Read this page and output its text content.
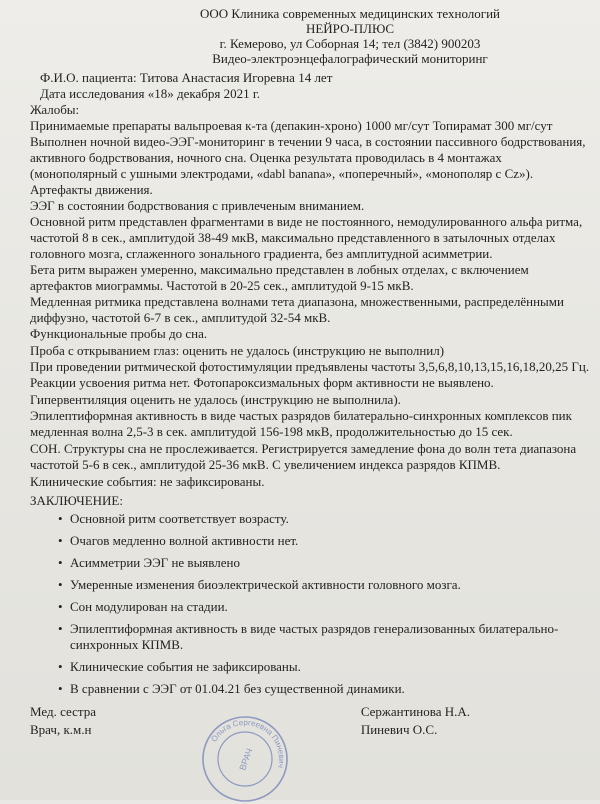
ООО Клиника современных медицинских технологий
НЕЙРО-ПЛЮС
г. Кемерово, ул Соборная 14; тел (3842) 900203
Видео-электроэнцефалографический мониторинг
Ф.И.О. пациента: Титова Анастасия Игоревна 14 лет
Дата исследования «18» декабря 2021 г.
Жалобы:
Принимаемые препараты вальпроевая к-та (депакин-хроно) 1000 мг/сут Топирамат 300 мг/сут

Выполнен ночной видео-ЭЭГ-мониторинг в течении 9 часа, в состоянии пассивного бодрствования, активного бодрствования, ночного сна. Оценка результата проводилась в 4 монтажах (монополярный с ушными электродами, «dabl banana», «поперечный», «монополяр с Cz»). Артефакты движения.

ЭЭГ в состоянии бодрствования с привлеченым вниманием.

Основной ритм представлен фрагментами в виде не постоянного, немодулированного альфа ритма, частотой 8 в сек., амплитудой 38-49 мкВ, максимально представленного в затылочных отделах головного мозга, сглаженного зонального градиента, без амплитудной асимметрии.

Бета ритм выражен умеренно, максимально представлен в лобных отделах, с включением артефактов миограммы. Частотой в 20-25 сек., амплитудой 9-15 мкВ.

Медленная ритмика представлена волнами тета диапазона, множественными, распределёнными диффузно, частотой 6-7 в сек., амплитудой 32-54 мкВ.

Функциональные пробы до сна.

Проба с открыванием глаз: оценить не удалось (инструкцию не выполнил)

При проведении ритмической фотостимуляции предъявлены частоты 3,5,6,8,10,13,15,16,18,20,25 Гц. Реакции усвоения ритма нет. Фотопароксизмальных форм активности не выявлено.

Гипервентиляция оценить не удалось (инструкцию не выполнила).

Эпилептиформная активность в виде частых разрядов билатерально-синхронных комплексов пик медленная волна 2,5-3 в сек. амплитудой 156-198 мкВ, продолжительностью до 15 сек.

СОН. Структуры сна не прослеживается. Регистрируется замедление фона до волн тета диапазона частотой 5-6 в сек., амплитудой 25-36 мкВ. С увеличением индекса разрядов КПМВ.

Клинические события: не зафиксированы.

ЗАКЛЮЧЕНИЕ:
• Основной ритм соответствует возрасту.
• Очагов медленно волной активности нет.
• Асимметрии ЭЭГ не выявлено
• Умеренные изменения биоэлектрической активности головного мозга.
• Сон модулирован на стадии.
• Эпилептиформная активность в виде частых разрядов генерализованных билатерально-синхронных КПМВ.
• Клинические события не зафиксированы.
• В сравнении с ЭЭГ от 01.04.21 без существенной динамики.
Мед. сестра
Врач, к.м.н
Сержантинова Н.А.
Пиневич О.С.
Ольга Сергеевна Пиневич
ВРАЧ
